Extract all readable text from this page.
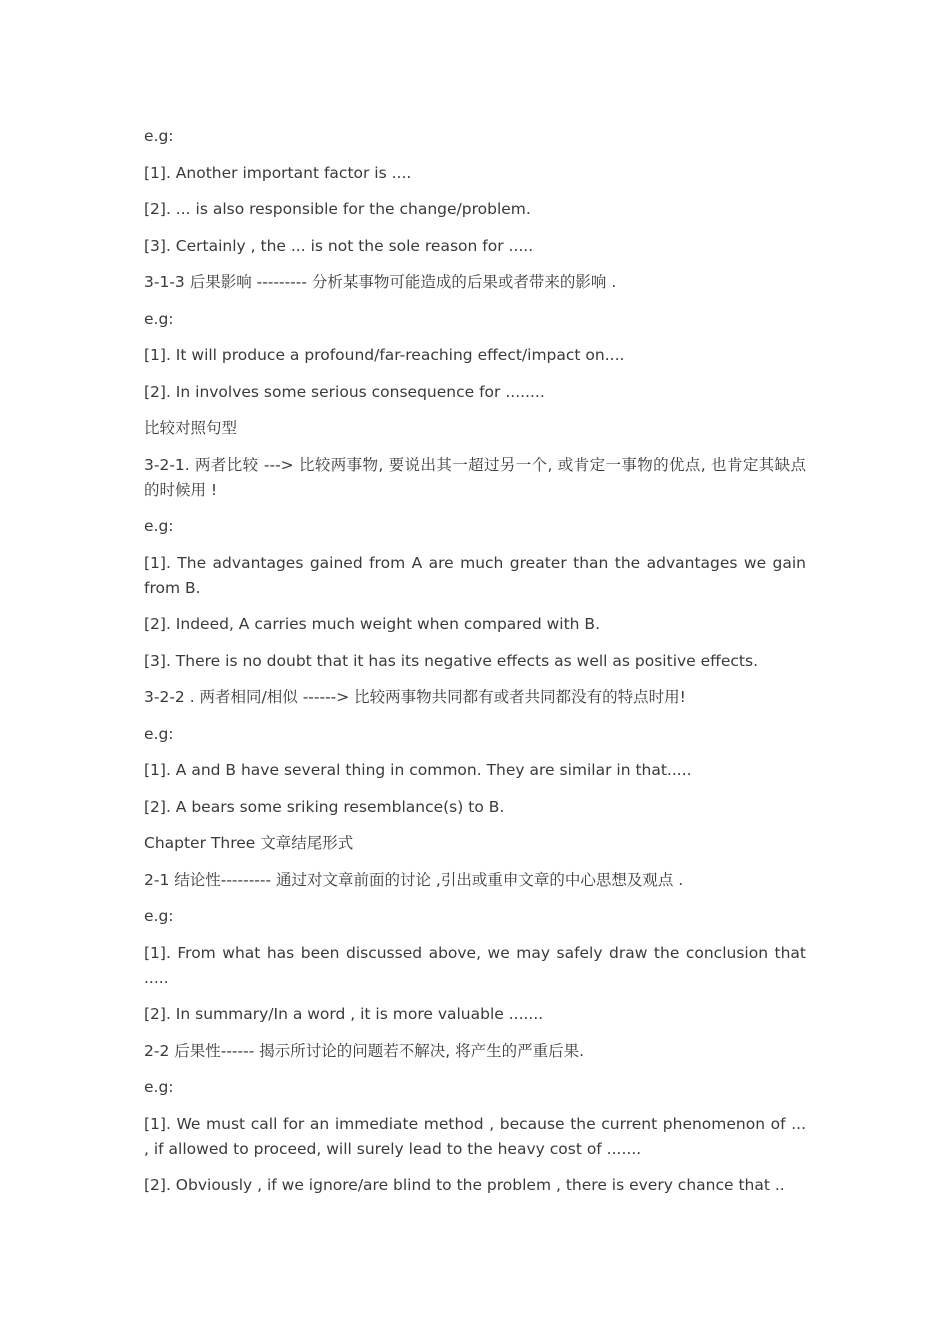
e.g:

[1]. Another important factor is ....

[2]. ... is also responsible for the change/problem.

[3]. Certainly , the ... is not the sole reason for .....

3-1-3 后果影响 --------- 分析某事物可能造成的后果或者带来的影响 .

e.g:

[1]. It will produce a profound/far-reaching effect/impact on....

[2]. In involves some serious consequence for ........

比较对照句型

3-2-1. 两者比较 ---> 比较两事物, 要说出其一超过另一个, 或肯定一事物的优点, 也肯定其缺点的时候用 !

e.g:

[1]. The advantages gained from A are much greater than the advantages we gain from B.

[2]. Indeed, A carries much weight when compared with B.

[3]. There is no doubt that it has its negative effects as well as positive effects.

3-2-2 . 两者相同/相似 ------> 比较两事物共同都有或者共同都没有的特点时用!

e.g:

[1]. A and B have several thing in common. They are similar in that.....

[2]. A bears some sriking resemblance(s) to B.

Chapter Three 文章结尾形式

2-1 结论性--------- 通过对文章前面的讨论 ,引出或重申文章的中心思想及观点 .

e.g:

[1]. From what has been discussed above, we may safely draw the conclusion that .....

[2]. In summary/In a word , it is more valuable .......

2-2 后果性------ 揭示所讨论的问题若不解决, 将产生的严重后果.

e.g:

[1]. We must call for an immediate method , because the current phenomenon of ... , if allowed to proceed, will surely lead to the heavy cost of .......

[2]. Obviously , if we ignore/are blind to the problem , there is every chance that ..
